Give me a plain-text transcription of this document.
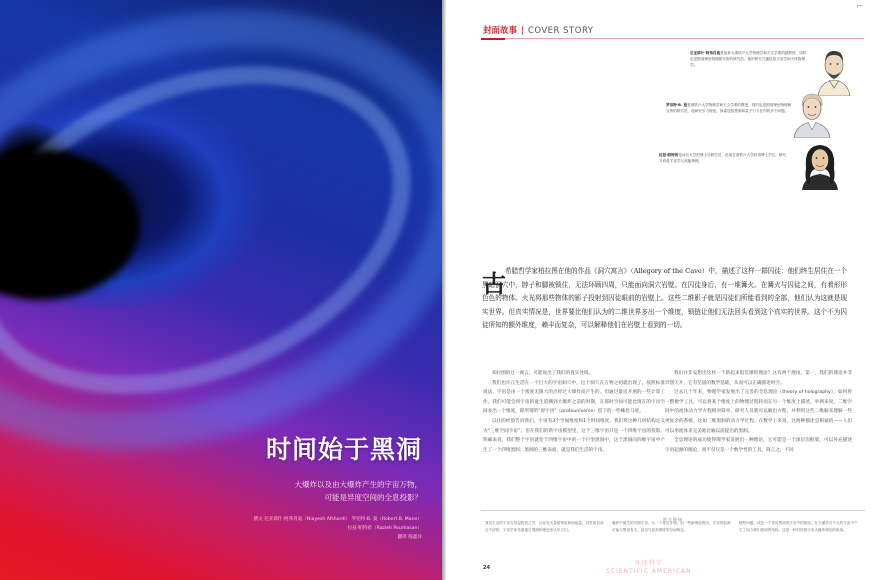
时间始于黑洞
大爆炸以及由大爆炸产生的宇宙万物，
可能是异度空间的全息投影？
撰文 尼亚耶什·阿弗肖迪（Niayesh Afshordi） 罗伯特·B. 曼（Robert B. Mann）
拉兹·帕特希（Razieh Pourhasan）
翻译 殷鑫洋
⌐
封面故事 | COVER STORY
尼亚耶什·阿弗肖迪是加拿大滑铁卢大学物理学和天文学系的副教授，同时也是圆周理论物理研究所的研究员，他的研究兴趣包括宇宙学和天体物理学。
罗伯特·B. 曼是滑铁卢大学物理学和天文学系的教授，同时也是圆周理论物理研究所的研究员，他研究引力理论，探索包括黑洞和量子引力在内的多个问题。
拉兹·帕特希是冰岛大学的博士后研究员，此前在滑铁卢大学获得博士学位，研究方向是宇宙学与高能物理。
古 希腊哲学家柏拉图在他的作品《洞穴寓言》（Allegory of the Cave）中，描述了这样一群囚徒：他们终生居住在一个黑暗洞穴中，脖子和脚被锁住，无法环顾四周，只能面向洞穴岩壁。在囚徒身后，有一堆篝火。在篝火与囚徒之间，有着形形色色的物体。火光将那些物体的影子投射到囚徒眼前的岩壁上。这些二维影子就是囚徒们所能看到的全部，他们认为这就是现实世界。但真实情况是，世界要比他们认为的二维世界多出一个维度，锁链让他们无法回头看到这个真实的世界。这个不为囚徒所知的额外维度，赖丰而复杂，可以解释他们在岩壁上看到的一切。

柏拉图的这一寓言，可能说出了我们的真实处境。

我们也许正生活在一个巨大的宇宙洞穴中，这个洞穴在万物之初就出现了。按照标准说法，宇宙是由一个密度无限大的点经过大爆炸而产生的。但通过最近开展的一些计算工作，我们可能会将宇宙的诞生追溯到大爆炸之前的时期，在那时空间可能比现在的宇宙空间多出一个维度，即所谓的“原宇宙”（protouniverse）留下的一些蛛丝马迹。

以往的经验告诉我们，宇宙有3个空间维度和1个时间维度，我们将这种几何结构定义为“三维空间宇宙”。但在我们的新宇宙模型里，这个三维宇宙只是一个四维宇宙的投影。明确来说，我们整个宇宙就处于四维宇宙中的一个巨型黑洞中，这个黑洞向四维宇宙中产生了一个四维黑洞；黑洞的三维表面，就是我们生活的宇宙。

我们并非妄想出这样一个新起来很荒谬的理论？这有两个理由。第一，我们的理论并非异想天开，它有坚固的数学基础，从而可以正确描述时空。

过去几十年来，物理学家发展出了完善的全息理论（theory of holography），如何将一整数学工具，可以将某个维度上的物理过程转而在另一个维度上描述。举例来说，二维空间中的流体动力学方程相对简单，研究人员就可以解出方程，并利用这些二维解来理解一些更复杂的系统，比如三维黑洞的动力学过程。在数学上来说，这两种描述是相通的——人们可以用流体来完美地比喻以前提出的黑洞。

全息理论的成功使得理学家发展出一种理论，它可能是一个深层次框架，可以补充描述宇宙起源的理论，而不仅仅是一个数学性的工具。简言之，不同

相关链接
我们生活的宇宙在常温物质之外，还存在大量暗物质和暗能量，其性质目前还不清楚。宇宙学家希望通过观测和理论来认识它们。
爆炸中诞生的早期宇宙，从一个奇点开始。但一些新理论提出，宇宙的起源可能与黑洞有关，甚至与更高维度的空间相连。
哪些问题，或是一个奇异黑洞的宇宙中的物质，在大爆炸后不久的宇宙中产生了如今我们看到的结构。这是一种对传统宇宙大爆炸理论的挑战。
24
环球科学
SCIENTIFIC AMERICAN
